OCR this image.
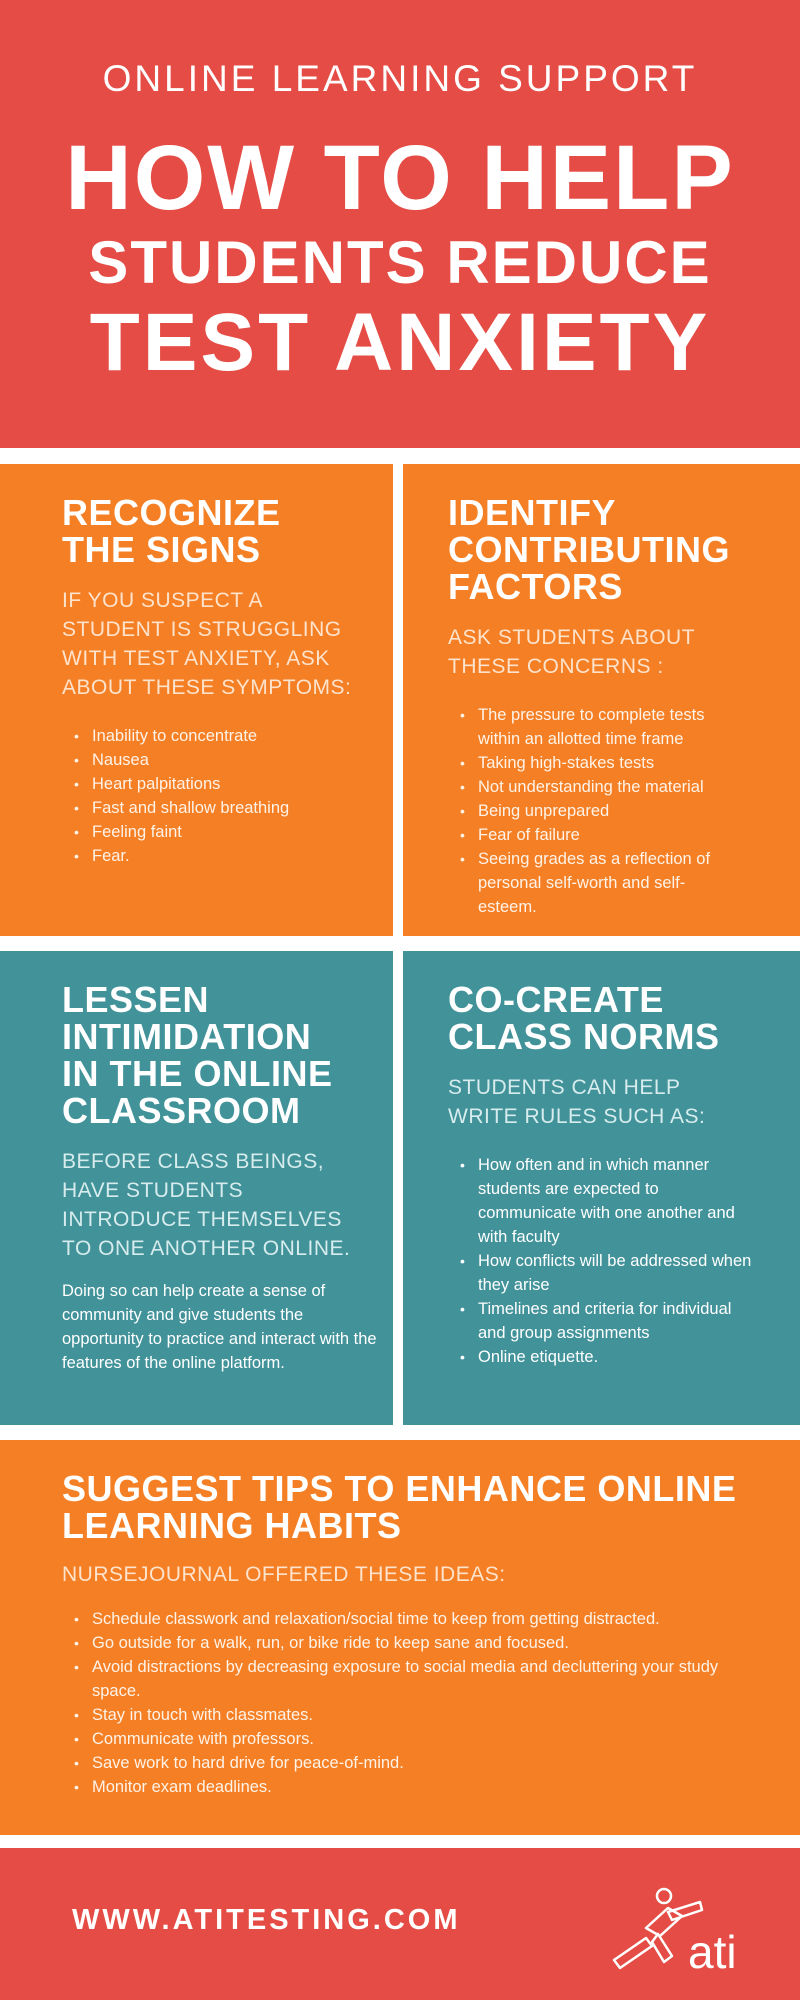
ONLINE LEARNING SUPPORT
HOW TO HELP
STUDENTS REDUCE
TEST ANXIETY
RECOGNIZE THE SIGNS
IF YOU SUSPECT A STUDENT IS STRUGGLING WITH TEST ANXIETY, ASK ABOUT THESE SYMPTOMS:
• Inability to concentrate
• Nausea
• Heart palpitations
• Fast and shallow breathing
• Feeling faint
• Fear.
IDENTIFY CONTRIBUTING FACTORS
ASK STUDENTS ABOUT THESE CONCERNS :
• The pressure to complete tests within an allotted time frame
• Taking high-stakes tests
• Not understanding the material
• Being unprepared
• Fear of failure
• Seeing grades as a reflection of personal self-worth and self-esteem.
LESSEN INTIMIDATION IN THE ONLINE CLASSROOM
BEFORE CLASS BEINGS, HAVE STUDENTS INTRODUCE THEMSELVES TO ONE ANOTHER ONLINE.
Doing so can help create a sense of community and give students the opportunity to practice and interact with the features of the online platform.
CO-CREATE CLASS NORMS
STUDENTS CAN HELP WRITE RULES SUCH AS:
• How often and in which manner students are expected to communicate with one another and with faculty
• How conflicts will be addressed when they arise
• Timelines and criteria for individual and group assignments
• Online etiquette.
SUGGEST TIPS TO ENHANCE ONLINE LEARNING HABITS
NURSEJOURNAL OFFERED THESE IDEAS:
• Schedule classwork and relaxation/social time to keep from getting distracted.
• Go outside for a walk, run, or bike ride to keep sane and focused.
• Avoid distractions by decreasing exposure to social media and decluttering your study space.
• Stay in touch with classmates.
• Communicate with professors.
• Save work to hard drive for peace-of-mind.
• Monitor exam deadlines.
WWW.ATITESTING.COM
ati
